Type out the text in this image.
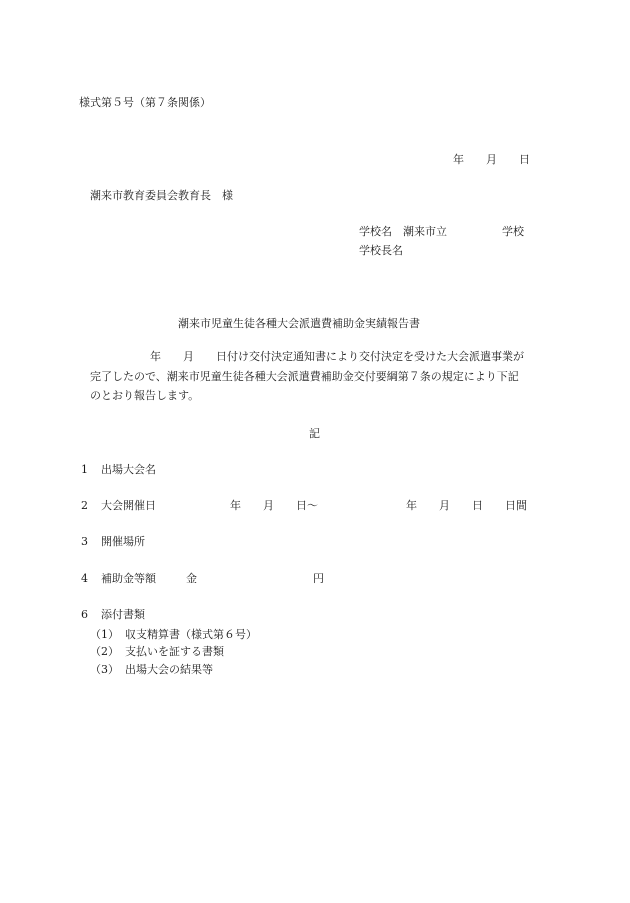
様式第５号（第７条関係）
年　　月　　日
潮来市教育委員会教育長　様
学校名　潮来市立　　　　　学校
学校長名
潮来市児童生徒各種大会派遣費補助金実績報告書
年　　月　　日付け交付決定通知書により交付決定を受けた大会派遣事業が
完了したので、潮来市児童生徒各種大会派遣費補助金交付要綱第７条の規定により下記
のとおり報告します。
記
1 出場大会名
2 大会開催日	年　　月　　日～	年　　月　　日　　日間
3 開催場所
4 補助金等額	金	円
6 添付書類
（1） 収支精算書（様式第６号）
（2） 支払いを証する書類
（3） 出場大会の結果等
